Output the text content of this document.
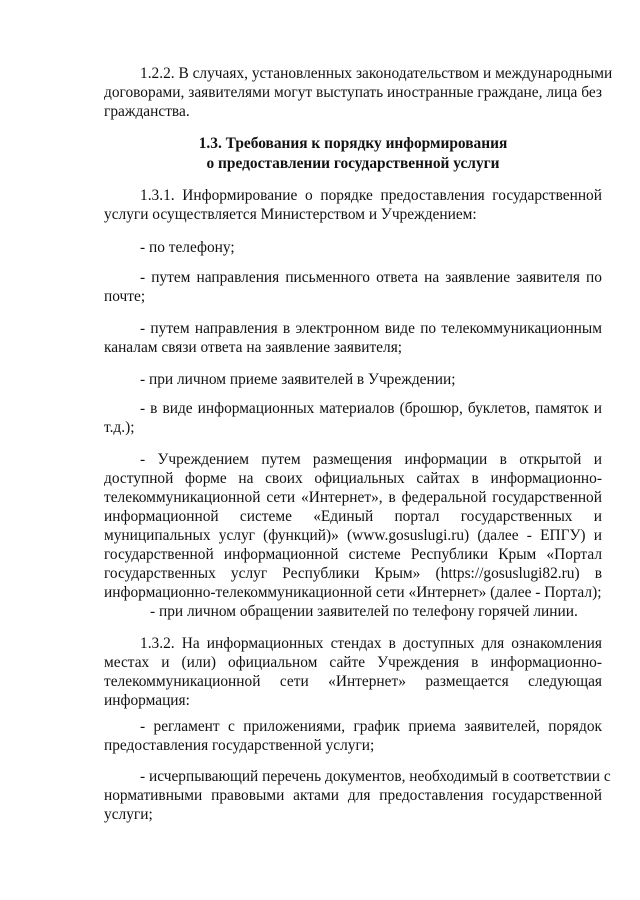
1.2.2. В случаях, установленных законодательством и международными
договорами, заявителями могут выступать иностранные граждане, лица без
гражданства.
1.3. Требования к порядку информирования
о предоставлении государственной услуги
1.3.1. Информирование о порядке предоставления государственной
услуги осуществляется Министерством и Учреждением:
- по телефону;
- путем направления письменного ответа на заявление заявителя по
почте;
- путем направления в электронном виде по телекоммуникационным
каналам связи ответа на заявление заявителя;
- при личном приеме заявителей в Учреждении;
- в виде информационных материалов (брошюр, буклетов, памяток и
т.д.);
- Учреждением путем размещения информации в открытой и
доступной форме на своих официальных сайтах в информационно-
телекоммуникационной сети «Интернет», в федеральной государственной
информационной системе «Единый портал государственных и
муниципальных услуг (функций)» (www.gosuslugi.ru) (далее - ЕПГУ) и
государственной информационной системе Республики Крым «Портал
государственных услуг Республики Крым» (https://gosuslugi82.ru) в
информационно-телекоммуникационной сети «Интернет» (далее - Портал);
- при личном обращении заявителей по телефону горячей линии.
1.3.2. На информационных стендах в доступных для ознакомления
местах и (или) официальном сайте Учреждения в информационно-
телекоммуникационной сети «Интернет» размещается следующая
информация:
- регламент с приложениями, график приема заявителей, порядок
предоставления государственной услуги;
- исчерпывающий перечень документов, необходимый в соответствии с
нормативными правовыми актами для предоставления государственной
услуги;
